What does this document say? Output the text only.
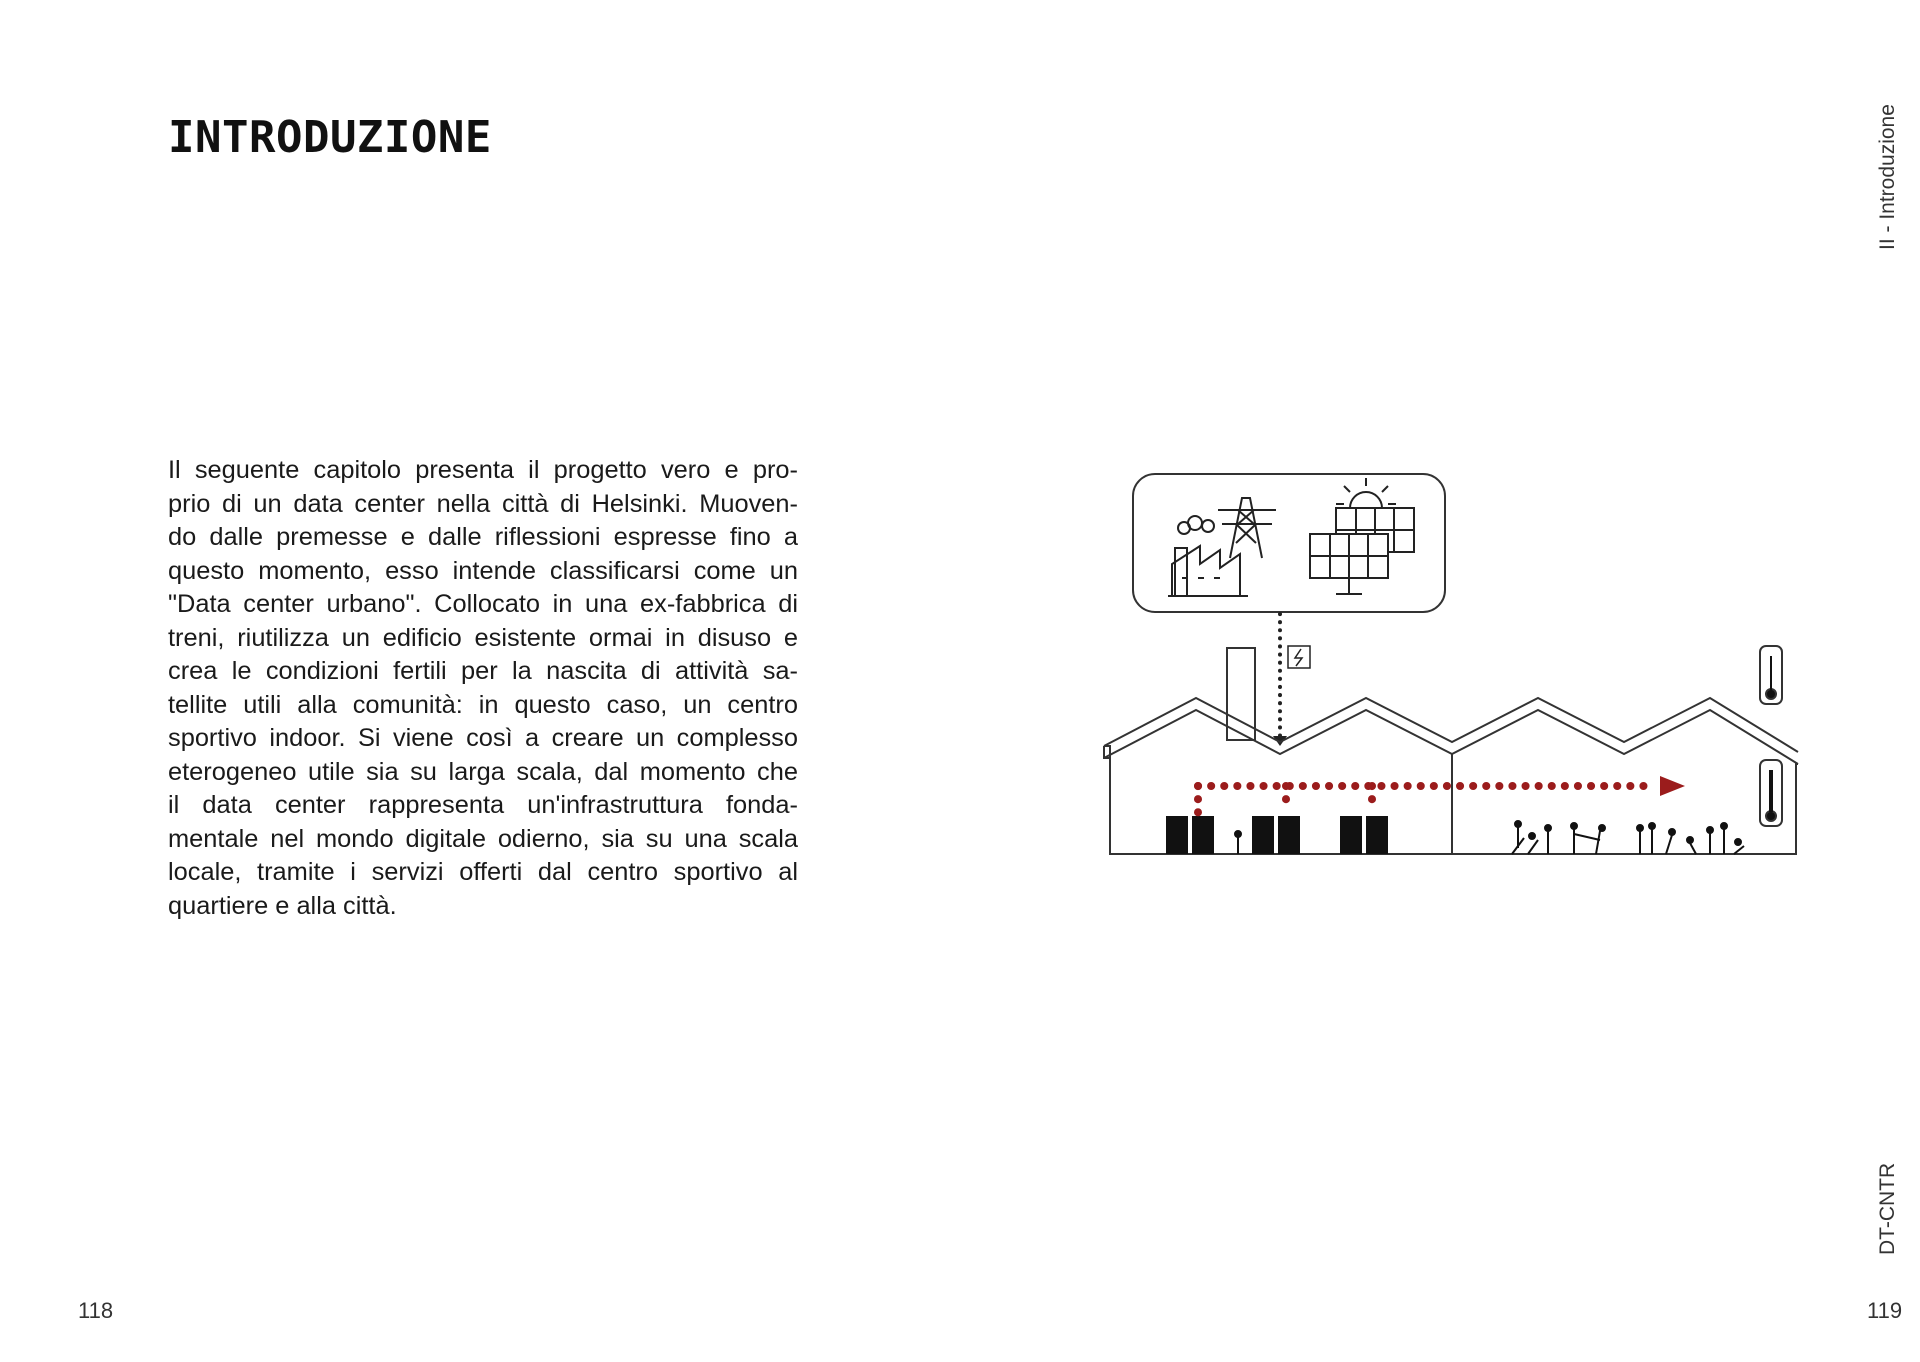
INTRODUZIONE
Il seguente capitolo presenta il progetto vero e pro-
prio di un data center nella città di Helsinki. Muoven-
do dalle premesse e dalle riflessioni espresse fino a
questo momento, esso intende classificarsi come un
"Data center urbano". Collocato in una ex-fabbrica di
treni, riutilizza un edificio esistente ormai in disuso e
crea le condizioni fertili per la nascita di attività sa-
tellite utili alla comunità: in questo caso, un centro
sportivo indoor. Si viene così a creare un complesso
eterogeneo utile sia su larga scala, dal momento che
il data center rappresenta un'infrastruttura fonda-
mentale nel mondo digitale odierno, sia su una scala
locale, tramite i servizi offerti dal centro sportivo al
quartiere e alla città.
II - Introduzione
DT-CNTR
118	119
